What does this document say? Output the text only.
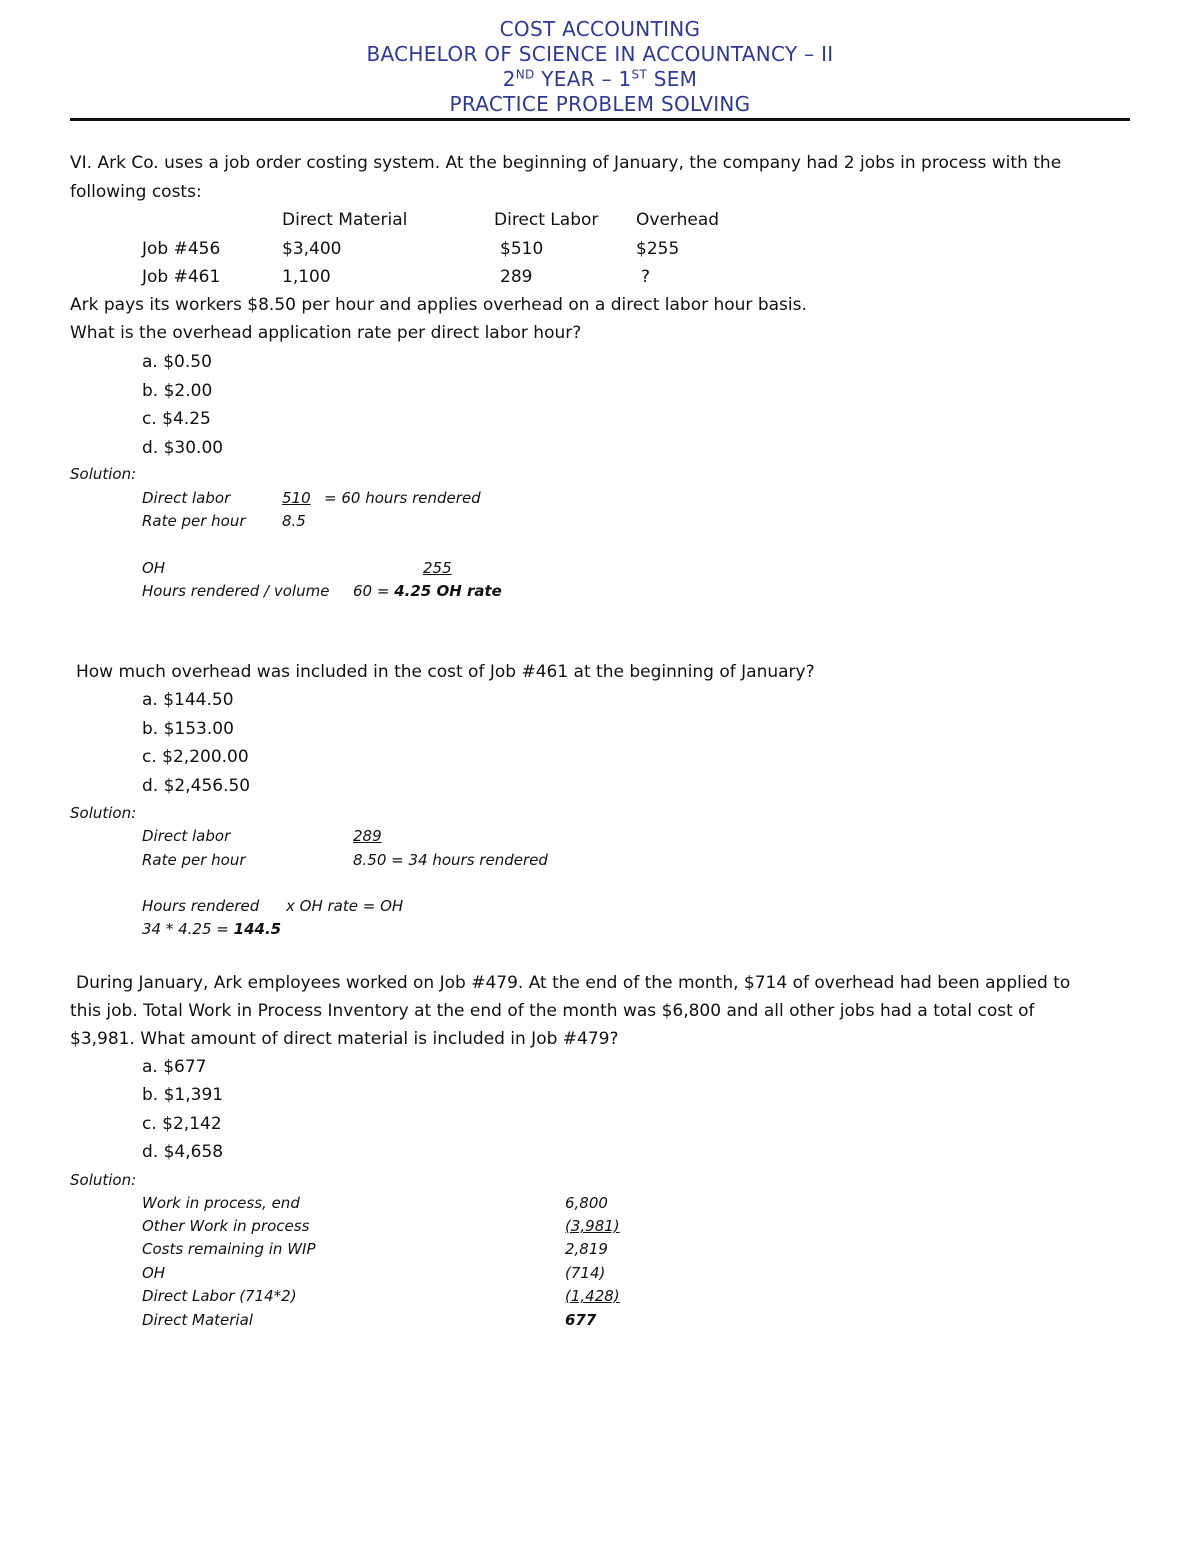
COST ACCOUNTING
BACHELOR OF SCIENCE IN ACCOUNTANCY – II
2ND YEAR – 1ST SEM
PRACTICE PROBLEM SOLVING
VI. Ark Co. uses a job order costing system. At the beginning of January, the company had 2 jobs in process with the
following costs:
Direct Material	Direct Labor Overhead
Job #456	$3,400	$510	$255
Job #461	1,100	289	?
Ark pays its workers $8.50 per hour and applies overhead on a direct labor hour basis.
What is the overhead application rate per direct labor hour?
a. $0.50
b. $2.00
c. $4.25
d. $30.00
Solution:
Direct labor	510 = 60 hours rendered
Rate per hour 8.5
OH	255
Hours rendered / volume 60 = 4.25 OH rate
How much overhead was included in the cost of Job #461 at the beginning of January?
a. $144.50
b. $153.00
c. $2,200.00
d. $2,456.50
Solution:
Direct labor	289
Rate per hour	8.50 = 34 hours rendered
Hours rendered x OH rate = OH
34 * 4.25 = 144.5
During January, Ark employees worked on Job #479. At the end of the month, $714 of overhead had been applied to
this job. Total Work in Process Inventory at the end of the month was $6,800 and all other jobs had a total cost of
$3,981. What amount of direct material is included in Job #479?
a. $677
b. $1,391
c. $2,142
d. $4,658
Solution:
Work in process, end	6,800
Other Work in process	(3,981)
Costs remaining in WIP	2,819
OH	(714)
Direct Labor (714*2)	(1,428)
Direct Material	677
